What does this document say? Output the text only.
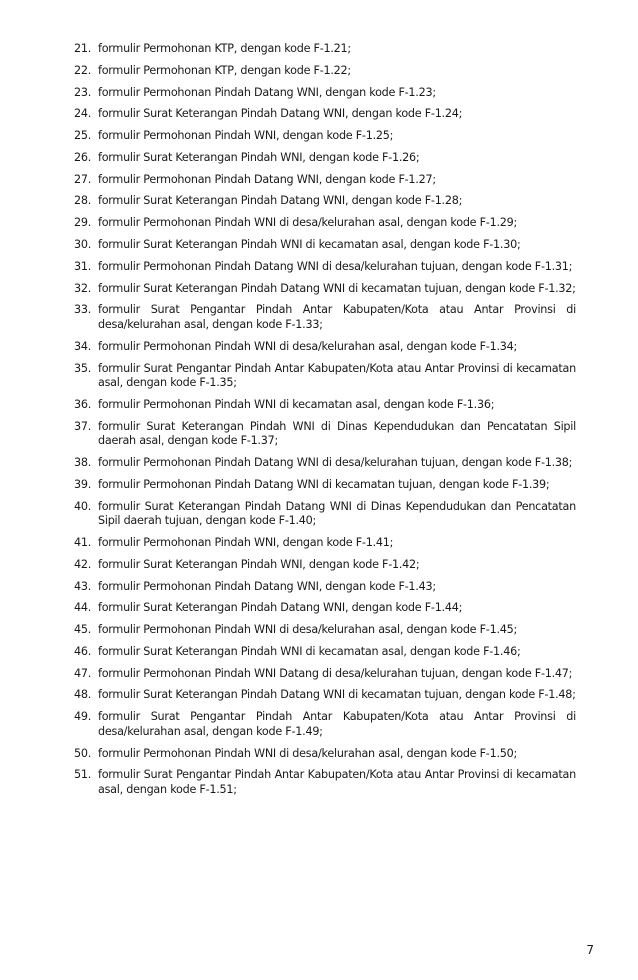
21. formulir Permohonan KTP, dengan kode F-1.21;
22. formulir Permohonan KTP, dengan kode F-1.22;
23. formulir Permohonan Pindah Datang WNI, dengan kode F-1.23;
24. formulir Surat Keterangan Pindah Datang WNI, dengan kode F-1.24;
25. formulir Permohonan Pindah WNI, dengan kode F-1.25;
26. formulir Surat Keterangan Pindah WNI, dengan kode F-1.26;
27. formulir Permohonan Pindah Datang WNI, dengan kode F-1.27;
28. formulir Surat Keterangan Pindah Datang WNI, dengan kode F-1.28;
29. formulir Permohonan Pindah WNI di desa/kelurahan asal, dengan kode F-1.29;
30. formulir Surat Keterangan Pindah WNI di kecamatan asal, dengan kode F-1.30;
31. formulir Permohonan Pindah Datang WNI di desa/kelurahan tujuan, dengan kode F-1.31;
32. formulir Surat Keterangan Pindah Datang WNI di kecamatan tujuan, dengan kode F-1.32;
33. formulir Surat Pengantar Pindah Antar Kabupaten/Kota atau Antar Provinsi di desa/kelurahan asal, dengan kode F-1.33;
34. formulir Permohonan Pindah WNI di desa/kelurahan asal, dengan kode F-1.34;
35. formulir Surat Pengantar Pindah Antar Kabupaten/Kota atau Antar Provinsi di kecamatan asal, dengan kode F-1.35;
36. formulir Permohonan Pindah WNI di kecamatan asal, dengan kode F-1.36;
37. formulir Surat Keterangan Pindah WNI di Dinas Kependudukan dan Pencatatan Sipil daerah asal, dengan kode F-1.37;
38. formulir Permohonan Pindah Datang WNI di desa/kelurahan tujuan, dengan kode F-1.38;
39. formulir Permohonan Pindah Datang WNI di kecamatan tujuan, dengan kode F-1.39;
40. formulir Surat Keterangan Pindah Datang WNI di Dinas Kependudukan dan Pencatatan Sipil daerah tujuan, dengan kode F-1.40;
41. formulir Permohonan Pindah WNI, dengan kode F-1.41;
42. formulir Surat Keterangan Pindah WNI, dengan kode F-1.42;
43. formulir Permohonan Pindah Datang WNI, dengan kode F-1.43;
44. formulir Surat Keterangan Pindah Datang WNI, dengan kode F-1.44;
45. formulir Permohonan Pindah WNI di desa/kelurahan asal, dengan kode F-1.45;
46. formulir Surat Keterangan Pindah WNI di kecamatan asal, dengan kode F-1.46;
47. formulir Permohonan Pindah WNI Datang di desa/kelurahan tujuan, dengan kode F-1.47;
48. formulir Surat Keterangan Pindah Datang WNI di kecamatan tujuan, dengan kode F-1.48;
49. formulir Surat Pengantar Pindah Antar Kabupaten/Kota atau Antar Provinsi di desa/kelurahan asal, dengan kode F-1.49;
50. formulir Permohonan Pindah WNI di desa/kelurahan asal, dengan kode F-1.50;
51. formulir Surat Pengantar Pindah Antar Kabupaten/Kota atau Antar Provinsi di kecamatan asal, dengan kode F-1.51;
7
